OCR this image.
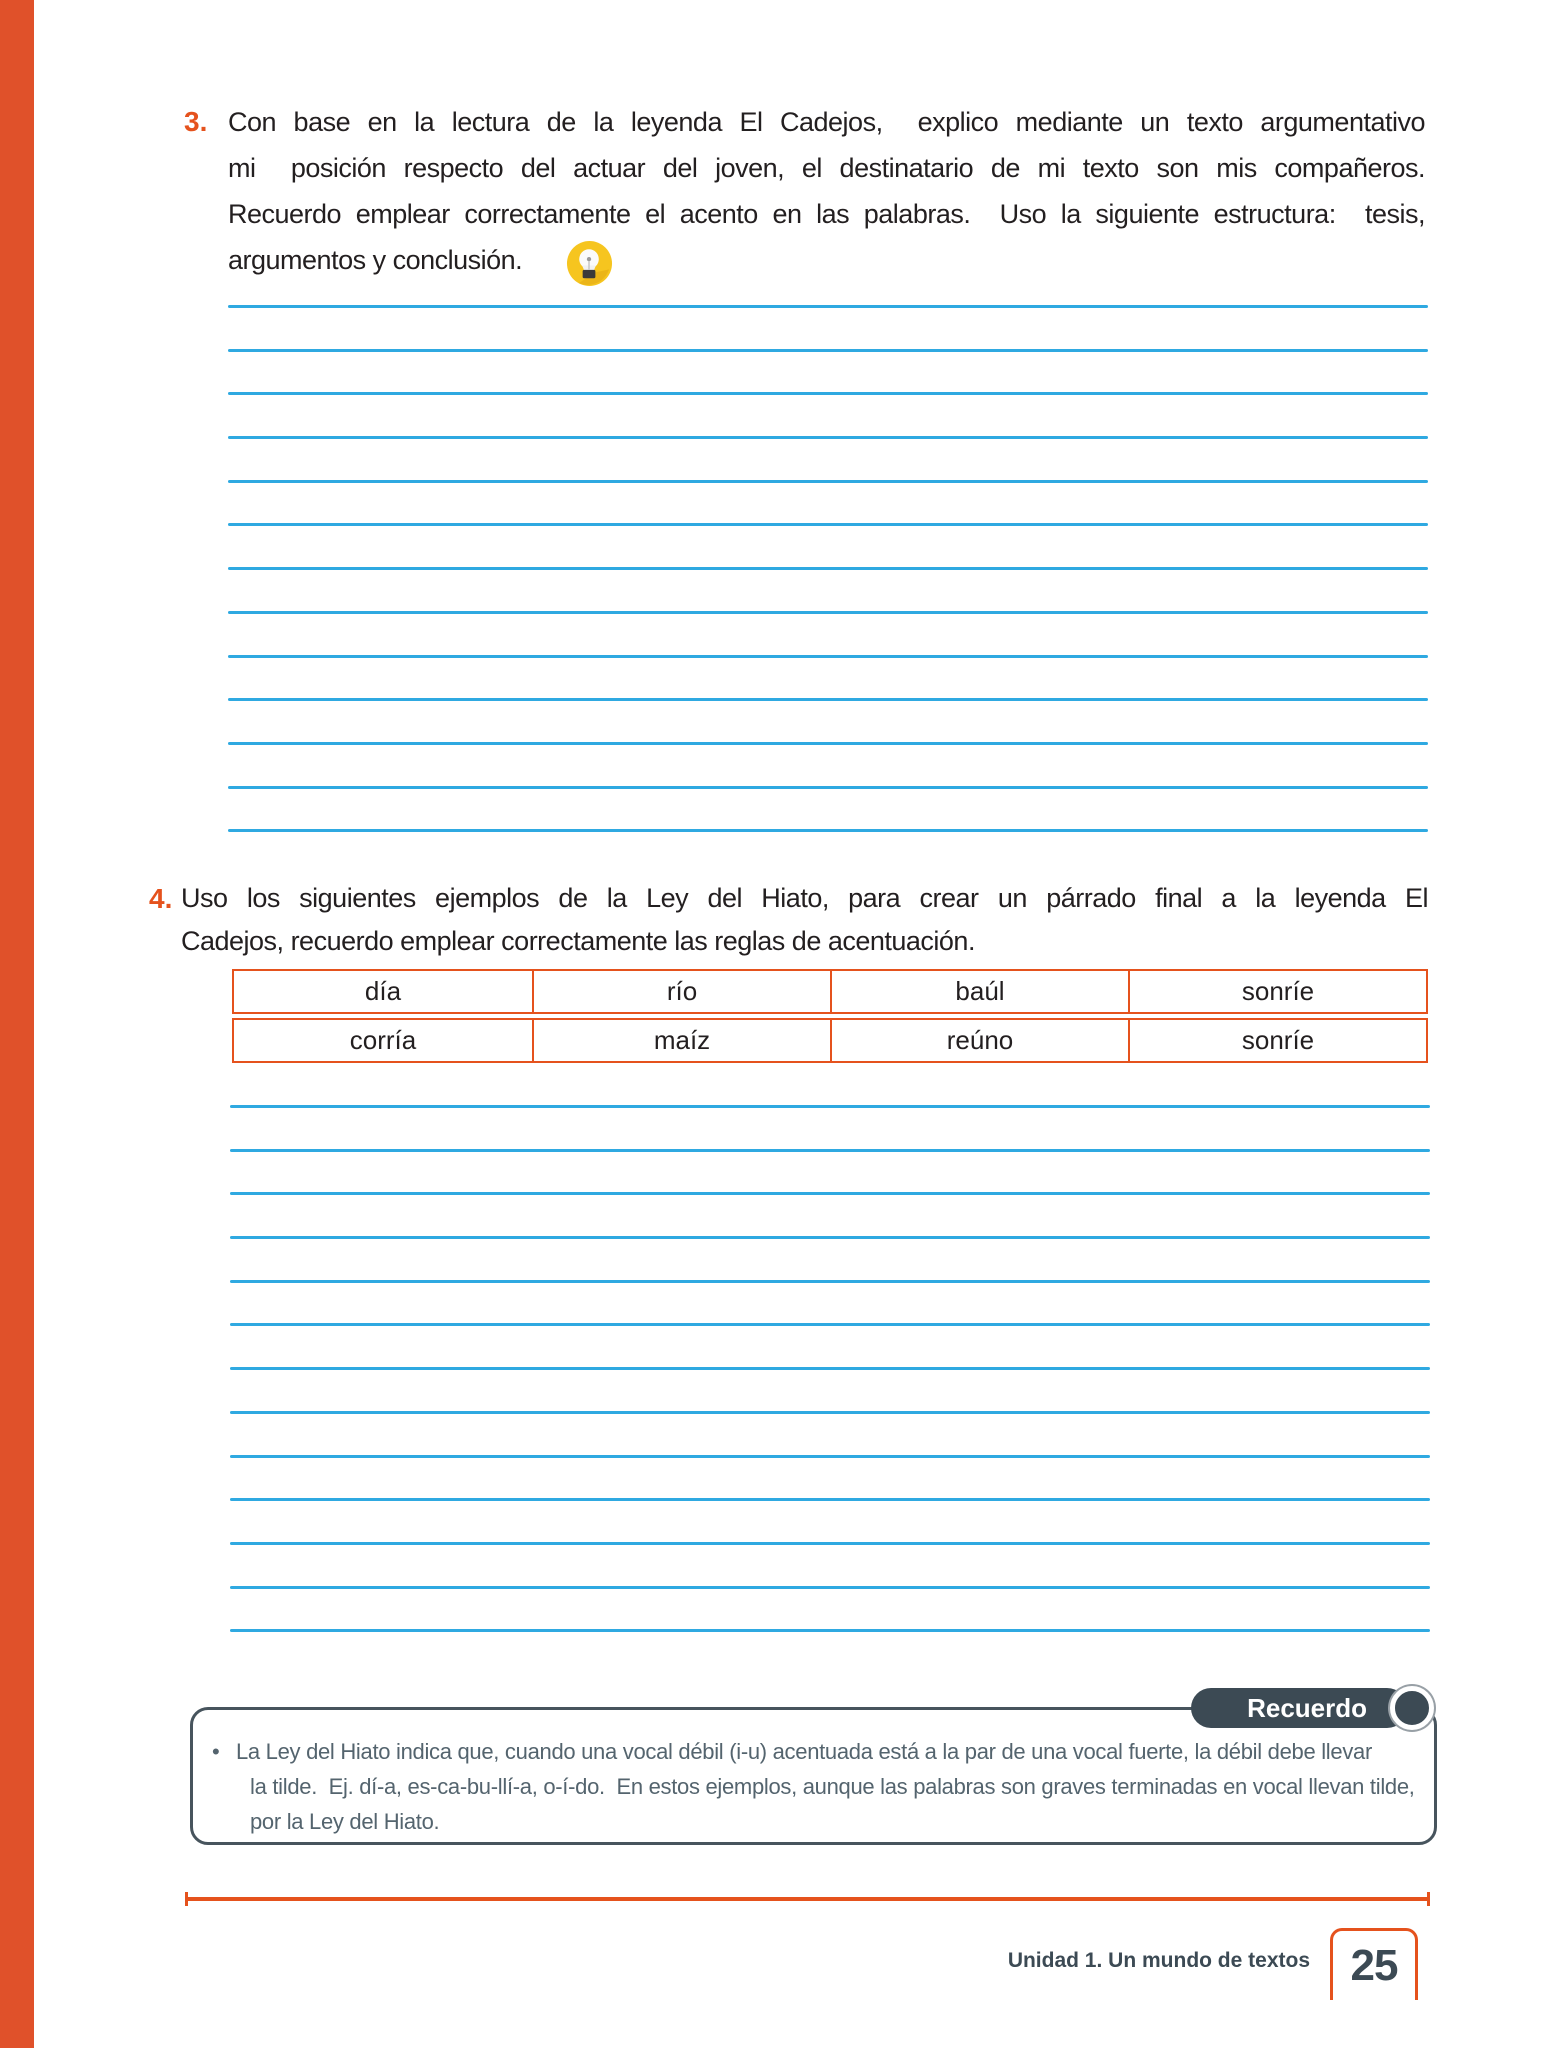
3. Con base en la lectura de la leyenda El Cadejos,  explico mediante un texto argumentativo
mi  posición respecto del actuar del joven, el destinatario de mi texto son mis compañeros.
Recuerdo emplear correctamente el acento en las palabras.  Uso la siguiente estructura:  tesis,
argumentos y conclusión.
4. Uso los siguientes ejemplos de la Ley del Hiato, para crear un párrado final a la leyenda El
Cadejos, recuerdo emplear correctamente las reglas de acentuación.
día	río	baúl	sonríe
corría	maíz	reúno	sonríe
Recuerdo
• La Ley del Hiato indica que, cuando una vocal débil (i-u) acentuada está a la par de una vocal fuerte, la débil debe llevar
la tilde.  Ej. dí-a, es-ca-bu-llí-a, o-í-do.  En estos ejemplos, aunque las palabras son graves terminadas en vocal llevan tilde,
por la Ley del Hiato.
Unidad 1. Un mundo de textos 25
